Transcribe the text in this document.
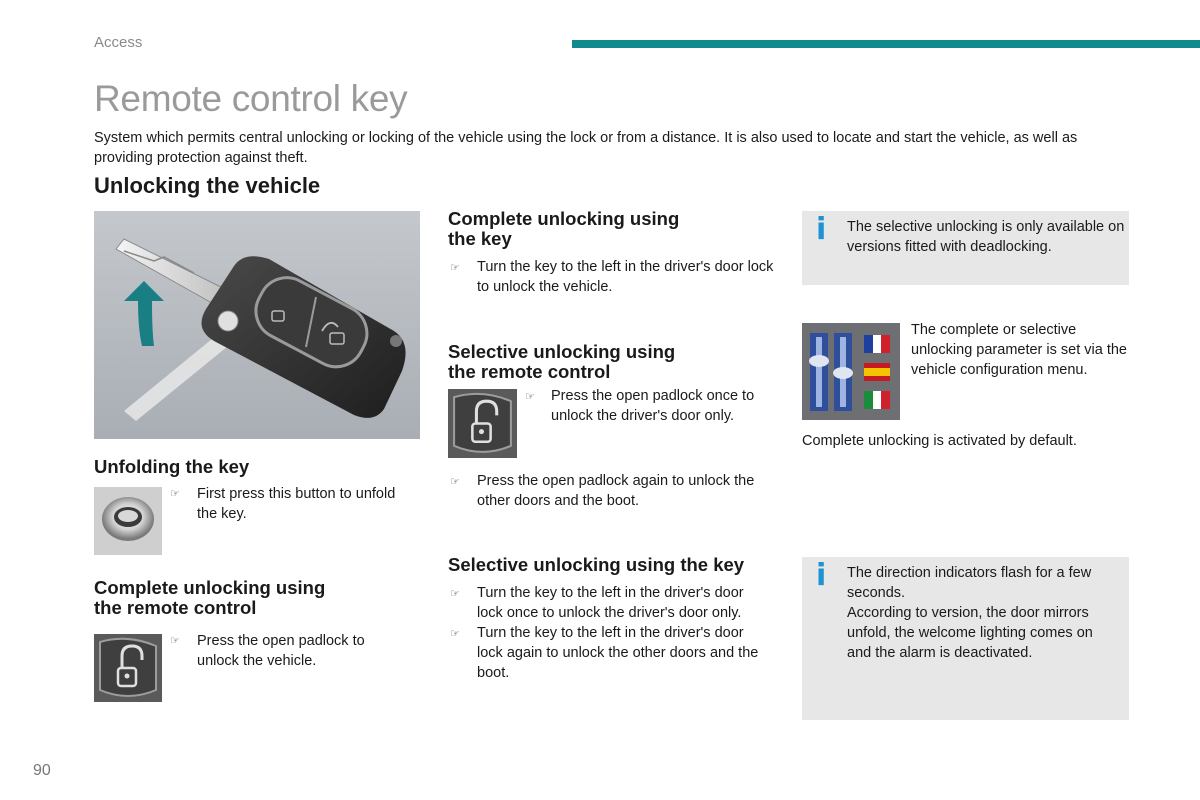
Access
Remote control key
System which permits central unlocking or locking of the vehicle using the lock or from a distance. It is also used to locate and start the vehicle, as well as providing protection against theft.
Unlocking the vehicle
Unfolding the key
☞ First press this button to unfold the key.
Complete unlocking using
the remote control
☞ Press the open padlock to unlock the vehicle.
Complete unlocking using
the key
☞ Turn the key to the left in the driver's door lock to unlock the vehicle.
Selective unlocking using
the remote control
☞ Press the open padlock once to unlock the driver's door only.
☞ Press the open padlock again to unlock the other doors and the boot.
Selective unlocking using the key
☞ Turn the key to the left in the driver's door lock once to unlock the driver's door only.
☞ Turn the key to the left in the driver's door lock again to unlock the other doors and the boot.
i The selective unlocking is only available on versions fitted with deadlocking.
The complete or selective unlocking parameter is set via the vehicle configuration menu.
Complete unlocking is activated by default.
i The direction indicators flash for a few seconds.
According to version, the door mirrors unfold, the welcome lighting comes on and the alarm is deactivated.
90
